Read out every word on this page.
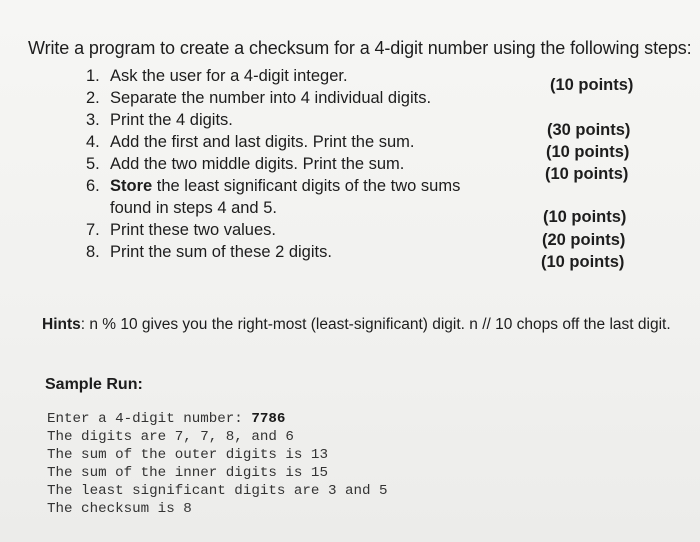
Write a program to create a checksum for a 4-digit number using the following steps:
1. Ask the user for a 4-digit integer.
2. Separate the number into 4 individual digits.
3. Print the 4 digits.
4. Add the first and last digits. Print the sum.
5. Add the two middle digits. Print the sum.
6. Store the least significant digits of the two sums
found in steps 4 and 5.
7. Print these two values.
8. Print the sum of these 2 digits.
(10 points)
(30 points)
(10 points)
(10 points)
(10 points)
(20 points)
(10 points)
Hints: n % 10 gives you the right-most (least-significant) digit. n // 10 chops off the last digit.
Sample Run:
Enter a 4-digit number: 7786
The digits are 7, 7, 8, and 6
The sum of the outer digits is 13
The sum of the inner digits is 15
The least significant digits are 3 and 5
The checksum is 8
